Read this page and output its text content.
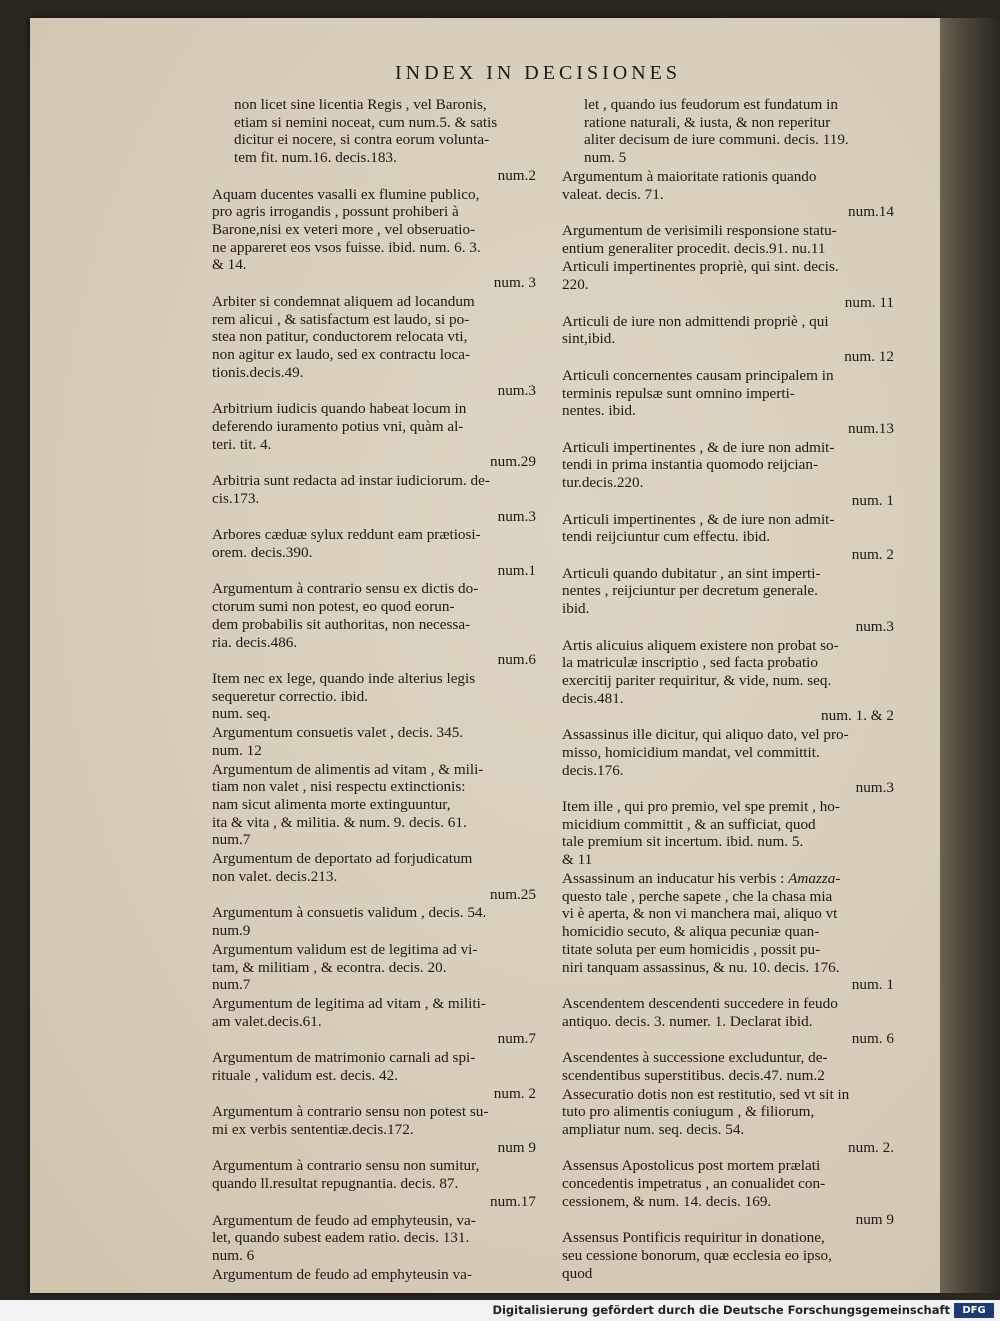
INDEX IN DECISIONES
non licet sine licentia Regis , vel Baronis,
etiam si nemini noceat, cum num.5. & satis
dicitur ei nocere, si contra eorum volunta-
tem fit. num.16. decis.183.
num.2
Aquam ducentes vasalli ex flumine publico,
pro agris irrogandis , possunt prohiberi à
Barone,nisi ex veteri more , vel obseruatio-
ne appareret eos vsos fuisse. ibid. num. 6. 3.
& 14.
num. 3
Arbiter si condemnat aliquem ad locandum
rem alicui , & satisfactum est laudo, si po-
stea non patitur, conductorem relocata vti,
non agitur ex laudo, sed ex contractu loca-
tionis.decis.49.
num.3
Arbitrium iudicis quando habeat locum in
deferendo iuramento potius vni, quàm al-
teri. tit. 4.
num.29
Arbitria sunt redacta ad instar iudiciorum. de-
cis.173.
num.3
Arbores cæduæ sylux reddunt eam prætiosi-
orem. decis.390.
num.1
Argumentum à contrario sensu ex dictis do-
ctorum sumi non potest, eo quod eorun-
dem probabilis sit authoritas, non necessa-
ria. decis.486.
num.6
Item nec ex lege, quando inde alterius legis
sequeretur correctio. ibid.
num. seq.
Argumentum consuetis valet , decis. 345.
num. 12
Argumentum de alimentis ad vitam , & mili-
tiam non valet , nisi respectu extinctionis:
nam sicut alimenta morte extinguuntur,
ita & vita , & militia. & num. 9. decis. 61.
num.7
Argumentum de deportato ad forjudicatum
non valet. decis.213.
num.25
Argumentum à consuetis validum , decis. 54.
num.9
Argumentum validum est de legitima ad vi-
tam, & militiam , & econtra. decis. 20.
num.7
Argumentum de legitima ad vitam , & militi-
am valet.decis.61.
num.7
Argumentum de matrimonio carnali ad spi-
rituale , validum est. decis. 42.
num. 2
Argumentum à contrario sensu non potest su-
mi ex verbis sententiæ.decis.172.
num 9
Argumentum à contrario sensu non sumitur,
quando ll.resultat repugnantia. decis. 87.
num.17
Argumentum de feudo ad emphyteusin, va-
let, quando subest eadem ratio. decis. 131.
num. 6
Argumentum de feudo ad emphyteusin va-
let , quando ius feudorum est fundatum in
ratione naturali, & iusta, & non reperitur
aliter decisum de iure communi. decis. 119.
num. 5
Argumentum à maioritate rationis quando
valeat. decis. 71.
num.14
Argumentum de verisimili responsione statu-
entium generaliter procedit. decis.91. nu.11
Articuli impertinentes propriè, qui sint. decis.
220.
num. 11
Articuli de iure non admittendi propriè , qui
sint,ibid.
num. 12
Articuli concernentes causam principalem in
terminis repulsæ sunt omnino imperti-
nentes. ibid.
num.13
Articuli impertinentes , & de iure non admit-
tendi in prima instantia quomodo reijcian-
tur.decis.220.
num. 1
Articuli impertinentes , & de iure non admit-
tendi reijciuntur cum effectu. ibid.
num. 2
Articuli quando dubitatur , an sint imperti-
nentes , reijciuntur per decretum generale.
ibid.
num.3
Artis alicuius aliquem existere non probat so-
la matriculæ inscriptio , sed facta probatio
exercitij pariter requiritur, & vide, num. seq.
decis.481.
num. 1. & 2
Assassinus ille dicitur, qui aliquo dato, vel pro-
misso, homicidium mandat, vel committit.
decis.176.
num.3
Item ille , qui pro premio, vel spe premit , ho-
micidium committit , & an sufficiat, quod
tale premium sit incertum. ibid. num. 5.
& 11
Assassinum an inducatur his verbis : Amazza-
questo tale , perche sapete , che la chasa mia
vi è aperta, & non vi manchera mai, aliquo vt
homicidio secuto, & aliqua pecuniæ quan-
titate soluta per eum homicidis , possit pu-
niri tanquam assassinus, & nu. 10. decis. 176.
num. 1
Ascendentem descendenti succedere in feudo
antiquo. decis. 3. numer. 1. Declarat ibid.
num. 6
Ascendentes à successione excluduntur, de-
scendentibus superstitibus. decis.47. num.2
Assecuratio dotis non est restitutio, sed vt sit in
tuto pro alimentis coniugum , & filiorum,
ampliatur num. seq. decis. 54.
num. 2.
Assensus Apostolicus post mortem prælati
concedentis impetratus , an conualidet con-
cessionem, & num. 14. decis. 169.
num 9
Assensus Pontificis requiritur in donatione,
seu cessione bonorum, quæ ecclesia eo ipso,
quod
Digitalisierung gefördert durch die Deutsche Forschungsgemeinschaft	DFG
